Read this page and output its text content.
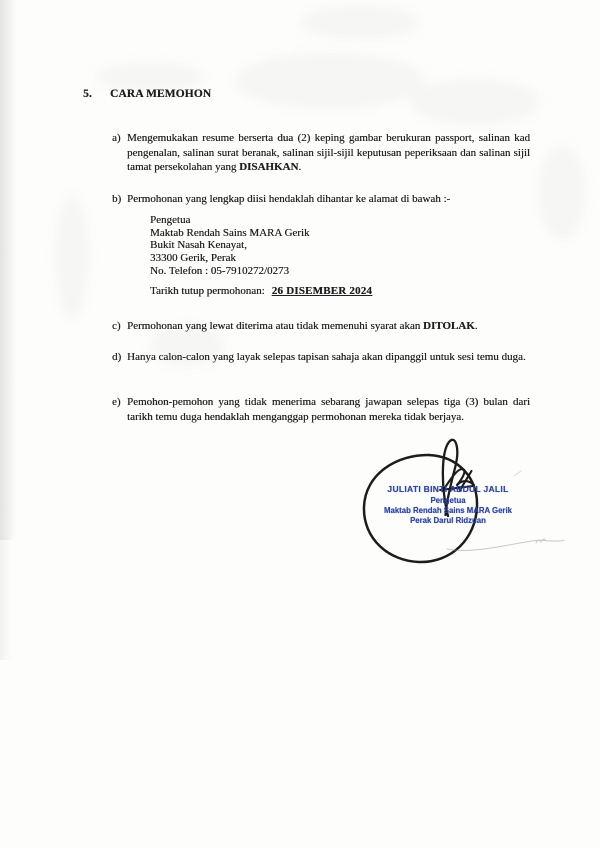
5. CARA MEMOHON
a) Mengemukakan resume berserta dua (2) keping gambar berukuran passport, salinan kad pengenalan, salinan surat beranak, salinan sijil-sijil keputusan peperiksaan dan salinan sijil tamat persekolahan yang DISAHKAN.
b) Permohonan yang lengkap diisi hendaklah dihantar ke alamat di bawah :-
c) Permohonan yang lewat diterima atau tidak memenuhi syarat akan DITOLAK.
d) Hanya calon-calon yang layak selepas tapisan sahaja akan dipanggil untuk sesi temu duga.
e) Pemohon-pemohon yang tidak menerima sebarang jawapan selepas tiga (3) bulan dari tarikh temu duga hendaklah menganggap permohonan mereka tidak berjaya.
Pengetua
Maktab Rendah Sains MARA Gerik
Bukit Nasah Kenayat,
33300 Gerik, Perak
No. Telefon : 05-7910272/0273
Tarikh tutup permohonan: 26 DISEMBER 2024
JULIATI BINTI ABDUL JALIL
Pengetua
Maktab Rendah Sains MARA Gerik
Perak Darul Ridzuan
